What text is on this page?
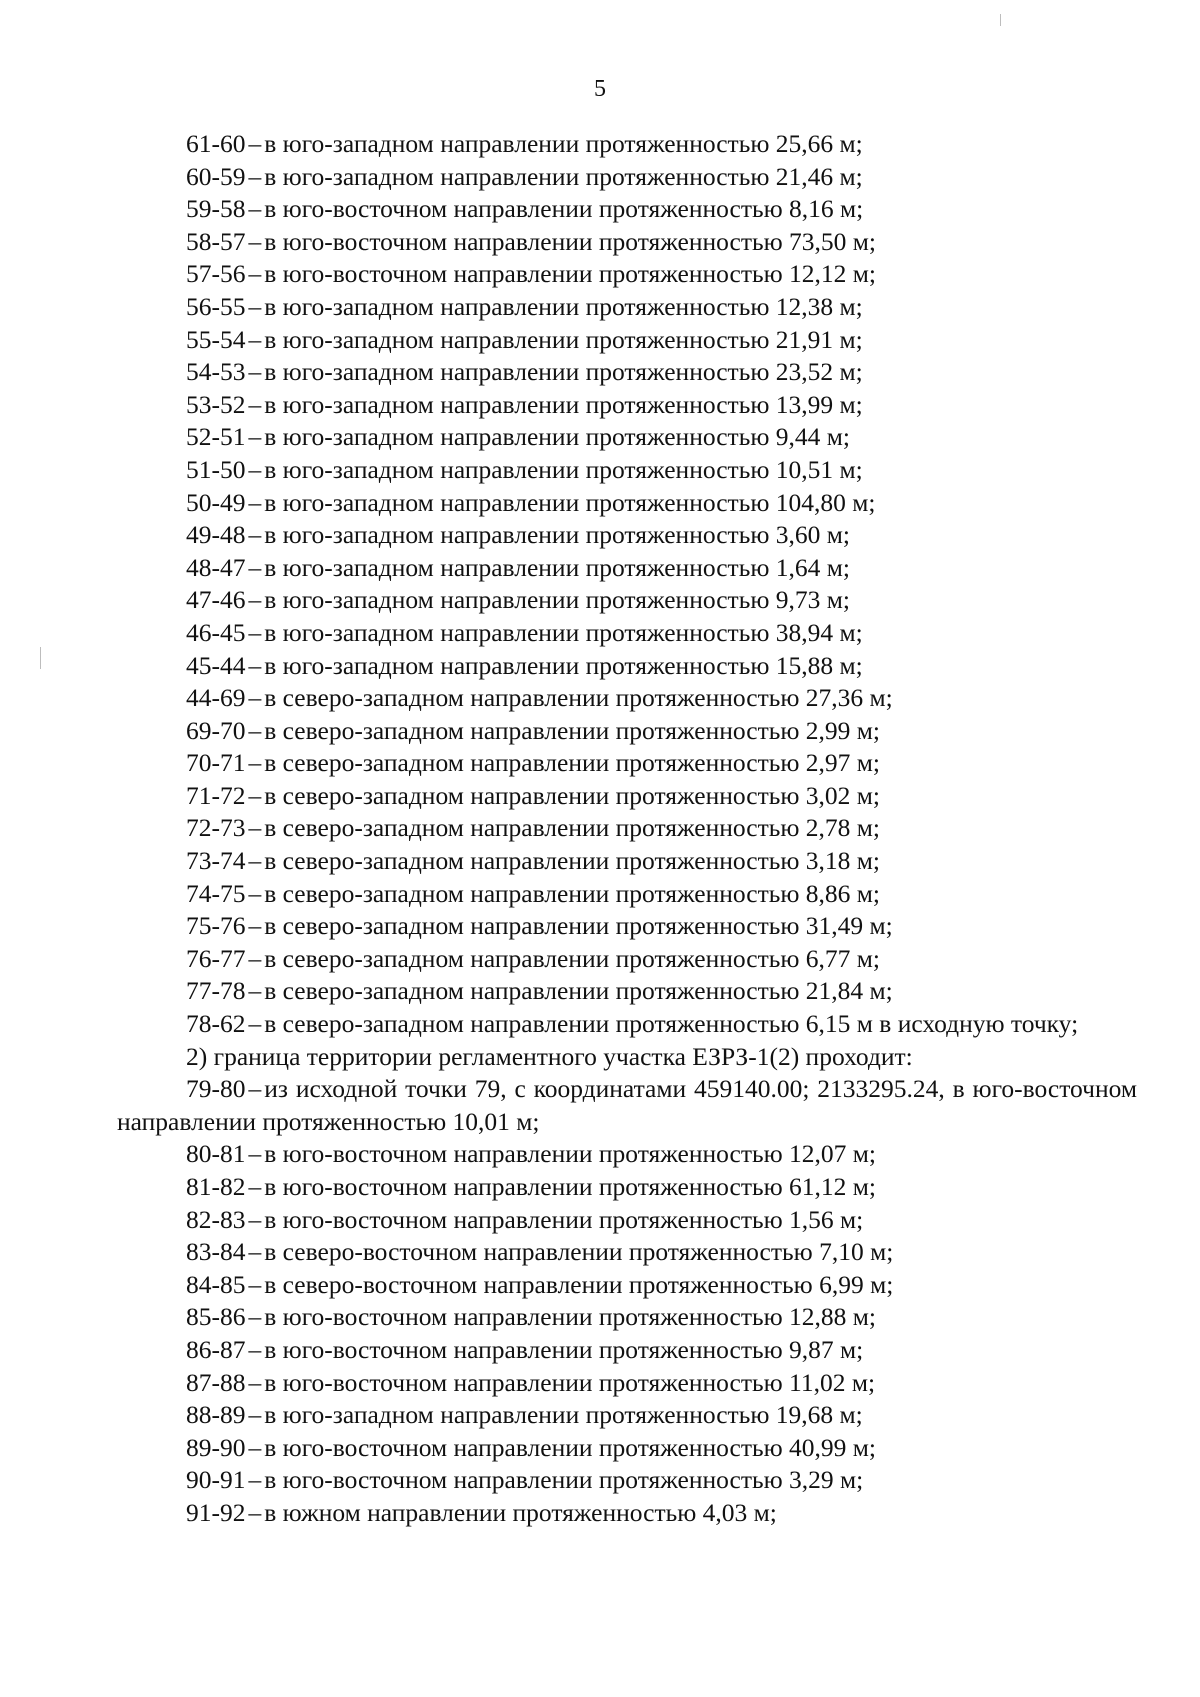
5

61-60 – в юго-западном направлении протяженностью 25,66 м;

60-59 – в юго-западном направлении протяженностью 21,46 м;

59-58 – в юго-восточном направлении протяженностью 8,16 м;

58-57 – в юго-восточном направлении протяженностью 73,50 м;

57-56 – в юго-восточном направлении протяженностью 12,12 м;

56-55 – в юго-западном направлении протяженностью 12,38 м;

55-54 – в юго-западном направлении протяженностью 21,91 м;

54-53 – в юго-западном направлении протяженностью 23,52 м;

53-52 – в юго-западном направлении протяженностью 13,99 м;

52-51 – в юго-западном направлении протяженностью 9,44 м;

51-50 – в юго-западном направлении протяженностью 10,51 м;

50-49 – в юго-западном направлении протяженностью 104,80 м;

49-48 – в юго-западном направлении протяженностью 3,60 м;

48-47 – в юго-западном направлении протяженностью 1,64 м;

47-46 – в юго-западном направлении протяженностью 9,73 м;

46-45 – в юго-западном направлении протяженностью 38,94 м;

45-44 – в юго-западном направлении протяженностью 15,88 м;

44-69 – в северо-западном направлении протяженностью 27,36 м;

69-70 – в северо-западном направлении протяженностью 2,99 м;

70-71 – в северо-западном направлении протяженностью 2,97 м;

71-72 – в северо-западном направлении протяженностью 3,02 м;

72-73 – в северо-западном направлении протяженностью 2,78 м;

73-74 – в северо-западном направлении протяженностью 3,18 м;

74-75 – в северо-западном направлении протяженностью 8,86 м;

75-76 – в северо-западном направлении протяженностью 31,49 м;

76-77 – в северо-западном направлении протяженностью 6,77 м;

77-78 – в северо-западном направлении протяженностью 21,84 м;

78-62 – в северо-западном направлении протяженностью 6,15 м в исходную точку;

2) граница территории регламентного участка ЕЗРЗ-1(2) проходит:

79-80 – из исходной точки 79, с координатами 459140.00; 2133295.24, в юго-восточном направлении протяженностью 10,01 м;

80-81 – в юго-восточном направлении протяженностью 12,07 м;

81-82 – в юго-восточном направлении протяженностью 61,12 м;

82-83 – в юго-восточном направлении протяженностью 1,56 м;

83-84 – в северо-восточном направлении протяженностью 7,10 м;

84-85 – в северо-восточном направлении протяженностью 6,99 м;

85-86 – в юго-восточном направлении протяженностью 12,88 м;

86-87 – в юго-восточном направлении протяженностью 9,87 м;

87-88 – в юго-восточном направлении протяженностью 11,02 м;

88-89 – в юго-западном направлении протяженностью 19,68 м;

89-90 – в юго-восточном направлении протяженностью 40,99 м;

90-91 – в юго-восточном направлении протяженностью 3,29 м;

91-92 – в южном направлении протяженностью 4,03 м;
